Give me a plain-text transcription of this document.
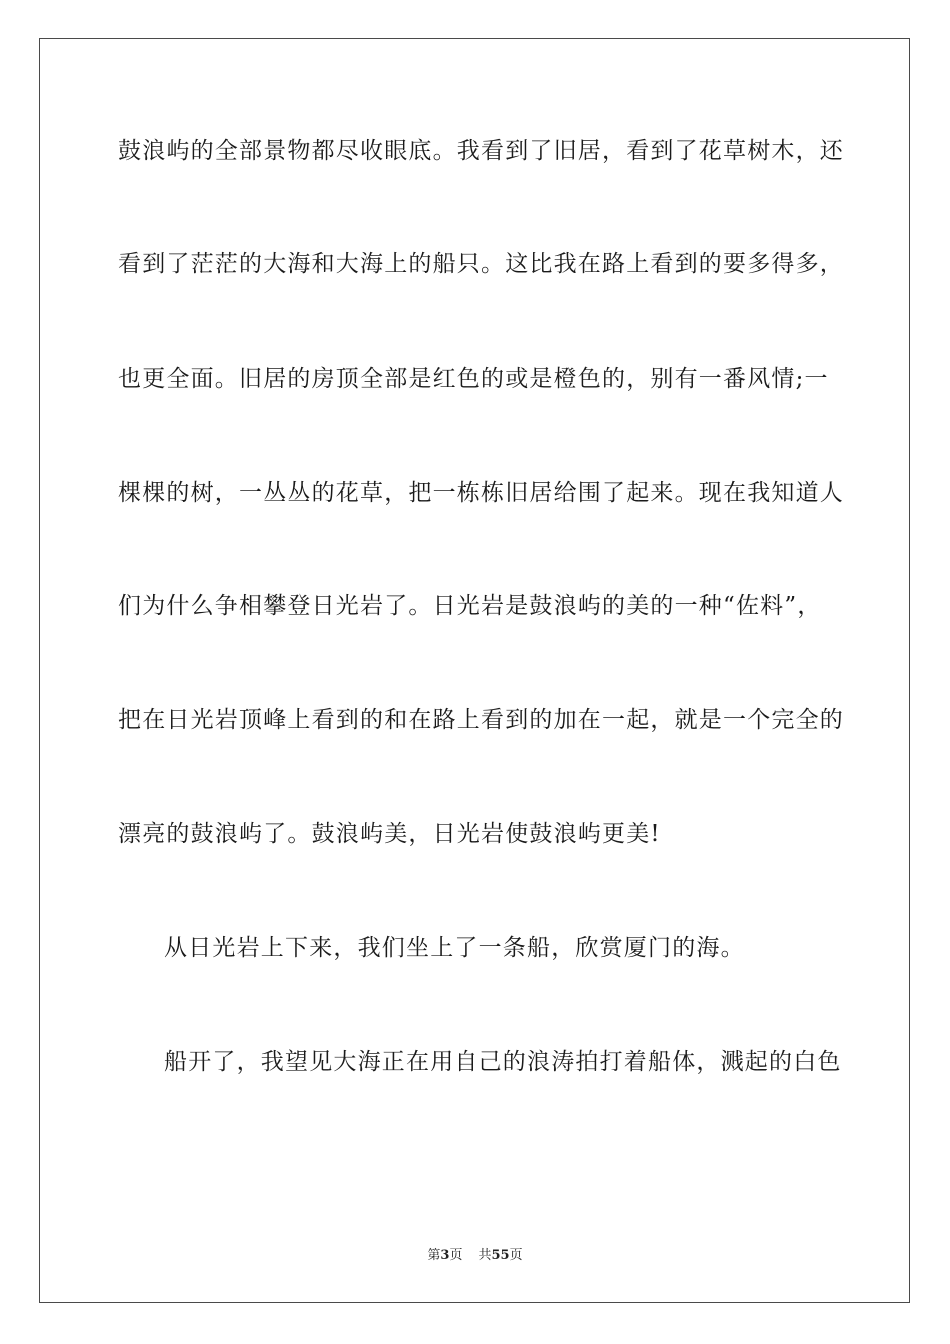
鼓浪屿的全部景物都尽收眼底。我看到了旧居，看到了花草树木，还
看到了茫茫的大海和大海上的船只。这比我在路上看到的要多得多，
也更全面。旧居的房顶全部是红色的或是橙色的，别有一番风情;一
棵棵的树，一丛丛的花草，把一栋栋旧居给围了起来。现在我知道人
们为什么争相攀登日光岩了。日光岩是鼓浪屿的美的一种“佐料”，
把在日光岩顶峰上看到的和在路上看到的加在一起，就是一个完全的
漂亮的鼓浪屿了。鼓浪屿美，日光岩使鼓浪屿更美!
从日光岩上下来，我们坐上了一条船，欣赏厦门的海。
船开了，我望见大海正在用自己的浪涛拍打着船体，溅起的白色
第3页 共55页
